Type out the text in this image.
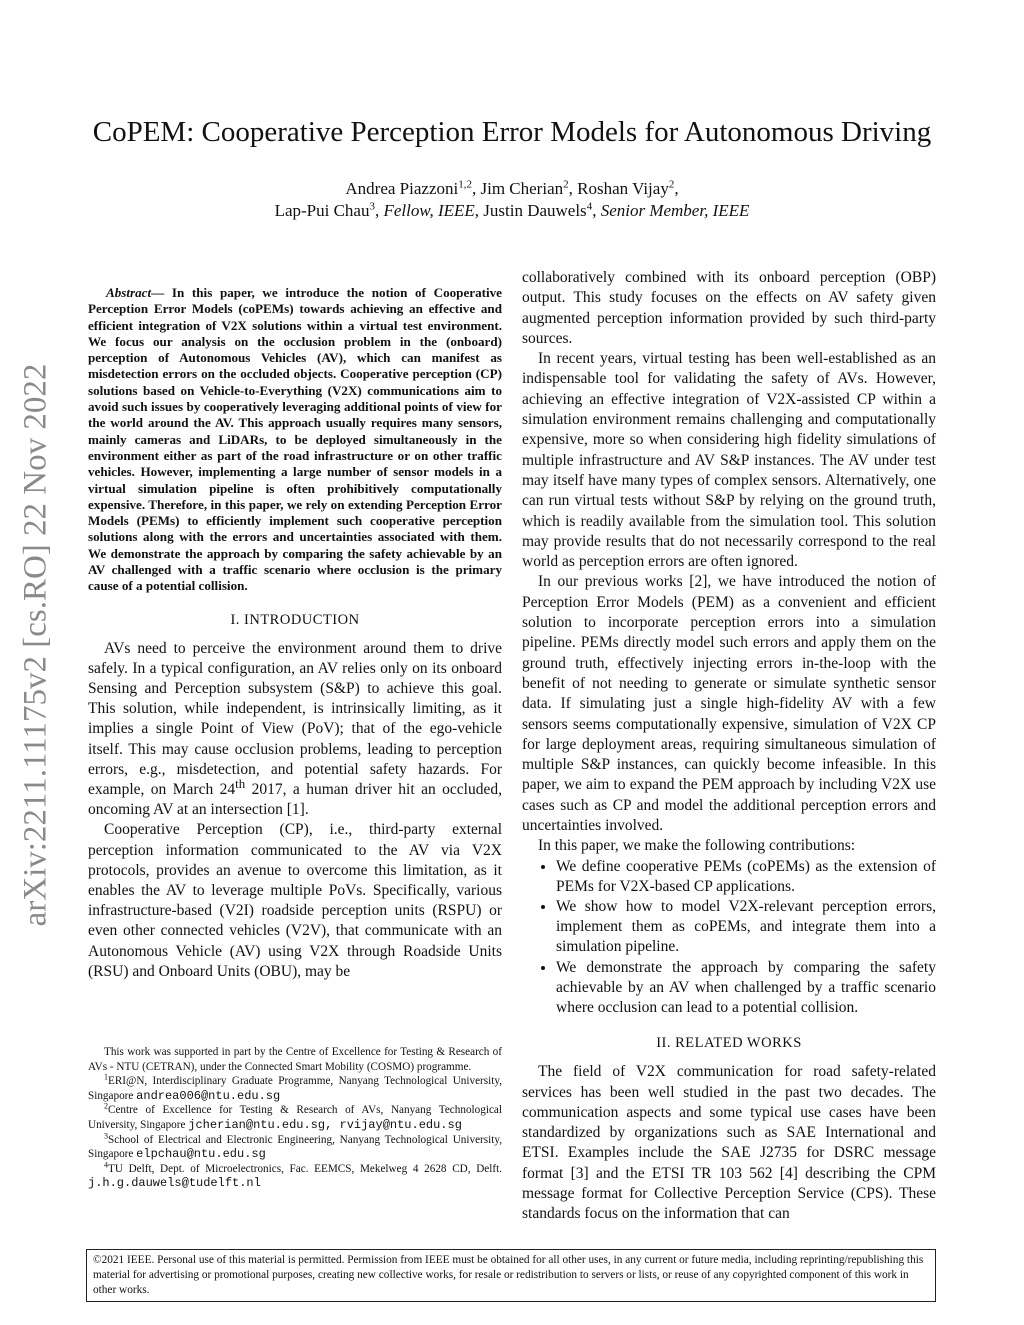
arXiv:2211.11175v2 [cs.RO] 22 Nov 2022
CoPEM: Cooperative Perception Error Models for Autonomous Driving
Andrea Piazzoni$^{1,2}$, Jim Cherian$^2$, Roshan Vijay$^2$,
Lap-Pui Chau$^3$, Fellow, IEEE, Justin Dauwels$^4$, Senior Member, IEEE

Abstract— In this paper, we introduce the notion of Cooperative Perception Error Models (coPEMs) towards achieving an effective and efficient integration of V2X solutions within a virtual test environment. We focus our analysis on the occlusion problem in the (onboard) perception of Autonomous Vehicles (AV), which can manifest as misdetection errors on the occluded objects. Cooperative perception (CP) solutions based on Vehicle-to-Everything (V2X) communications aim to avoid such issues by cooperatively leveraging additional points of view for the world around the AV. This approach usually requires many sensors, mainly cameras and LiDARs, to be deployed simultaneously in the environment either as part of the road infrastructure or on other traffic vehicles. However, implementing a large number of sensor models in a virtual simulation pipeline is often prohibitively computationally expensive. Therefore, in this paper, we rely on extending Perception Error Models (PEMs) to efficiently implement such cooperative perception solutions along with the errors and uncertainties associated with them. We demonstrate the approach by comparing the safety achievable by an AV challenged with a traffic scenario where occlusion is the primary cause of a potential collision.

I. INTRODUCTION

AVs need to perceive the environment around them to drive safely. In a typical configuration, an AV relies only on its onboard Sensing and Perception subsystem (S&P) to achieve this goal. This solution, while independent, is intrinsically limiting, as it implies a single Point of View (PoV); that of the ego-vehicle itself. This may cause occlusion problems, leading to perception errors, e.g., misdetection, and potential safety hazards. For example, on March 24th 2017, a human driver hit an occluded, oncoming AV at an intersection [1].

Cooperative Perception (CP), i.e., third-party external perception information communicated to the AV via V2X protocols, provides an avenue to overcome this limitation, as it enables the AV to leverage multiple PoVs. Specifically, various infrastructure-based (V2I) roadside perception units (RSPU) or even other connected vehicles (V2V), that communicate with an Autonomous Vehicle (AV) using V2X through Roadside Units (RSU) and Onboard Units (OBU), may be

This work was supported in part by the Centre of Excellence for Testing & Research of AVs - NTU (CETRAN), under the Connected Smart Mobility (COSMO) programme.

$^1$ERI@N, Interdisciplinary Graduate Programme, Nanyang Technological University, Singapore andrea006@ntu.edu.sg

$^2$Centre of Excellence for Testing & Research of AVs, Nanyang Technological University, Singapore jcherian@ntu.edu.sg, rvijay@ntu.edu.sg

$^3$School of Electrical and Electronic Engineering, Nanyang Technological University, Singapore elpchau@ntu.edu.sg

$^4$TU Delft, Dept. of Microelectronics, Fac. EEMCS, Mekelweg 4 2628 CD, Delft. j.h.g.dauwels@tudelft.nl

collaboratively combined with its onboard perception (OBP) output. This study focuses on the effects on AV safety given augmented perception information provided by such third-party sources.

In recent years, virtual testing has been well-established as an indispensable tool for validating the safety of AVs. However, achieving an effective integration of V2X-assisted CP within a simulation environment remains challenging and computationally expensive, more so when considering high fidelity simulations of multiple infrastructure and AV S&P instances. The AV under test may itself have many types of complex sensors. Alternatively, one can run virtual tests without S&P by relying on the ground truth, which is readily available from the simulation tool. This solution may provide results that do not necessarily correspond to the real world as perception errors are often ignored.

In our previous works [2], we have introduced the notion of Perception Error Models (PEM) as a convenient and efficient solution to incorporate perception errors into a simulation pipeline. PEMs directly model such errors and apply them on the ground truth, effectively injecting errors in-the-loop with the benefit of not needing to generate or simulate synthetic sensor data. If simulating just a single high-fidelity AV with a few sensors seems computationally expensive, simulation of V2X CP for large deployment areas, requiring simultaneous simulation of multiple S&P instances, can quickly become infeasible. In this paper, we aim to expand the PEM approach by including V2X use cases such as CP and model the additional perception errors and uncertainties involved.

In this paper, we make the following contributions:

• We define cooperative PEMs (coPEMs) as the extension of PEMs for V2X-based CP applications.
• We show how to model V2X-relevant perception errors, implement them as coPEMs, and integrate them into a simulation pipeline.
• We demonstrate the approach by comparing the safety achievable by an AV when challenged by a traffic scenario where occlusion can lead to a potential collision.
II. RELATED WORKS

The field of V2X communication for road safety-related services has been well studied in the past two decades. The communication aspects and some typical use cases have been standardized by organizations such as SAE International and ETSI. Examples include the SAE J2735 for DSRC message format [3] and the ETSI TR 103 562 [4] describing the CPM message format for Collective Perception Service (CPS). These standards focus on the information that can

©2021 IEEE. Personal use of this material is permitted. Permission from IEEE must be obtained for all other uses, in any current or future media, including reprinting/republishing this material for advertising or promotional purposes, creating new collective works, for resale or redistribution to servers or lists, or reuse of any copyrighted component of this work in other works.
